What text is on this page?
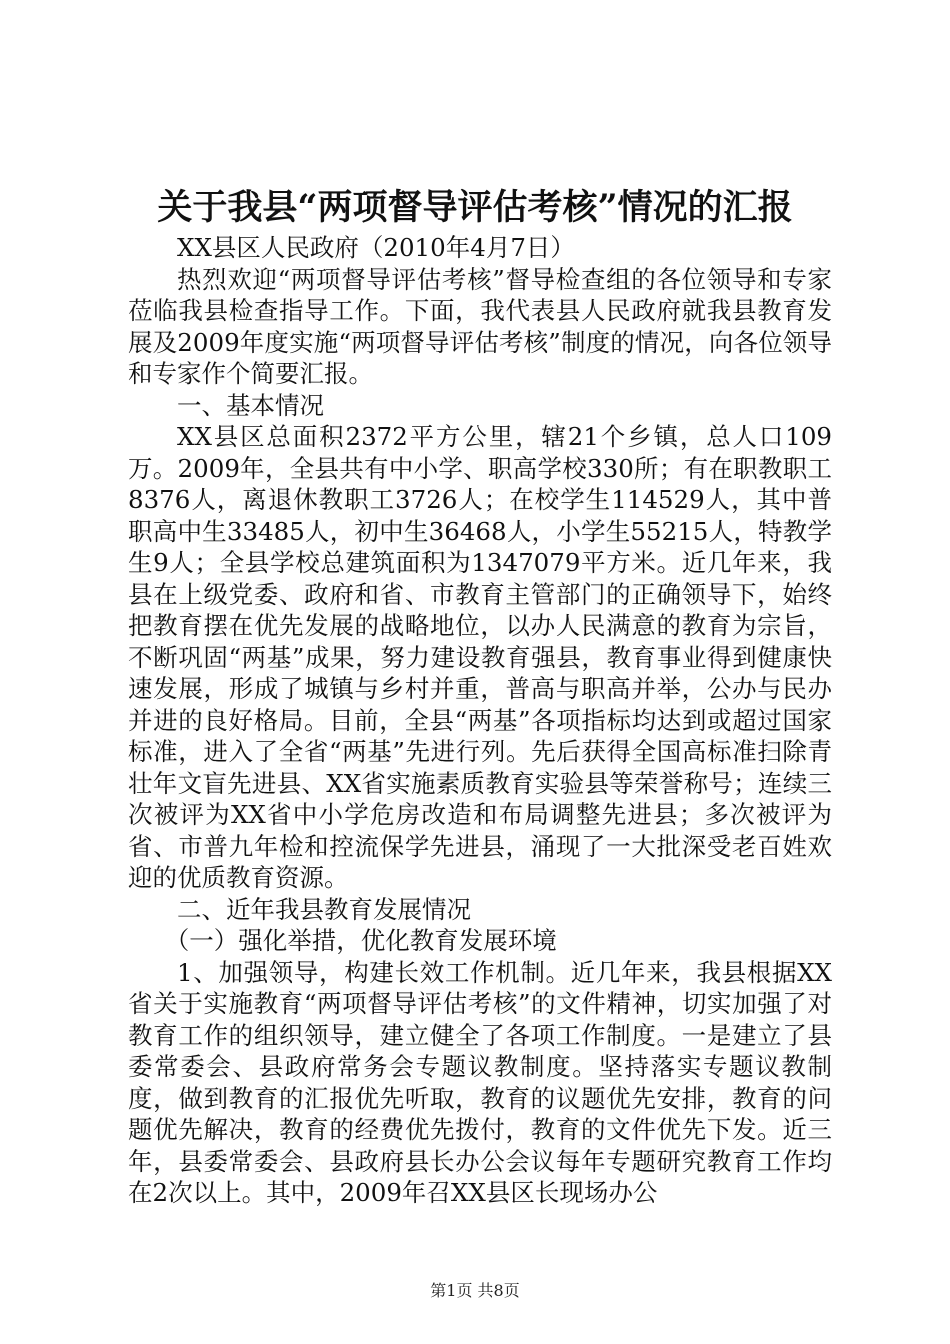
关于我县“两项督导评估考核”情况的汇报

XX县区人民政府（2010年4月7日）

热烈欢迎“两项督导评估考核”督导检查组的各位领导和专家莅临我县检查指导工作。下面，我代表县人民政府就我县教育发展及2009年度实施“两项督导评估考核”制度的情况，向各位领导和专家作个简要汇报。

一、基本情况

XX县区总面积2372平方公里，辖21个乡镇，总人口109万。2009年，全县共有中小学、职高学校330所；有在职教职工8376人，离退休教职工3726人；在校学生114529人，其中普职高中生33485人，初中生36468人，小学生55215人，特教学生9人；全县学校总建筑面积为1347079平方米。近几年来，我县在上级党委、政府和省、市教育主管部门的正确领导下，始终把教育摆在优先发展的战略地位，以办人民满意的教育为宗旨，不断巩固“两基”成果，努力建设教育强县，教育事业得到健康快速发展，形成了城镇与乡村并重，普高与职高并举，公办与民办并进的良好格局。目前，全县“两基”各项指标均达到或超过国家标准，进入了全省“两基”先进行列。先后获得全国高标准扫除青壮年文盲先进县、XX省实施素质教育实验县等荣誉称号；连续三次被评为XX省中小学危房改造和布局调整先进县；多次被评为省、市普九年检和控流保学先进县，涌现了一大批深受老百姓欢迎的优质教育资源。

二、近年我县教育发展情况

（一）强化举措，优化教育发展环境

1、加强领导，构建长效工作机制。近几年来，我县根据XX省关于实施教育“两项督导评估考核”的文件精神，切实加强了对教育工作的组织领导，建立健全了各项工作制度。一是建立了县委常委会、县政府常务会专题议教制度。坚持落实专题议教制度，做到教育的汇报优先听取，教育的议题优先安排，教育的问题优先解决，教育的经费优先拨付，教育的文件优先下发。近三年，县委常委会、县政府县长办公会议每年专题研究教育工作均在2次以上。其中，2009年召XX县区长现场办公

第1页 共8页
